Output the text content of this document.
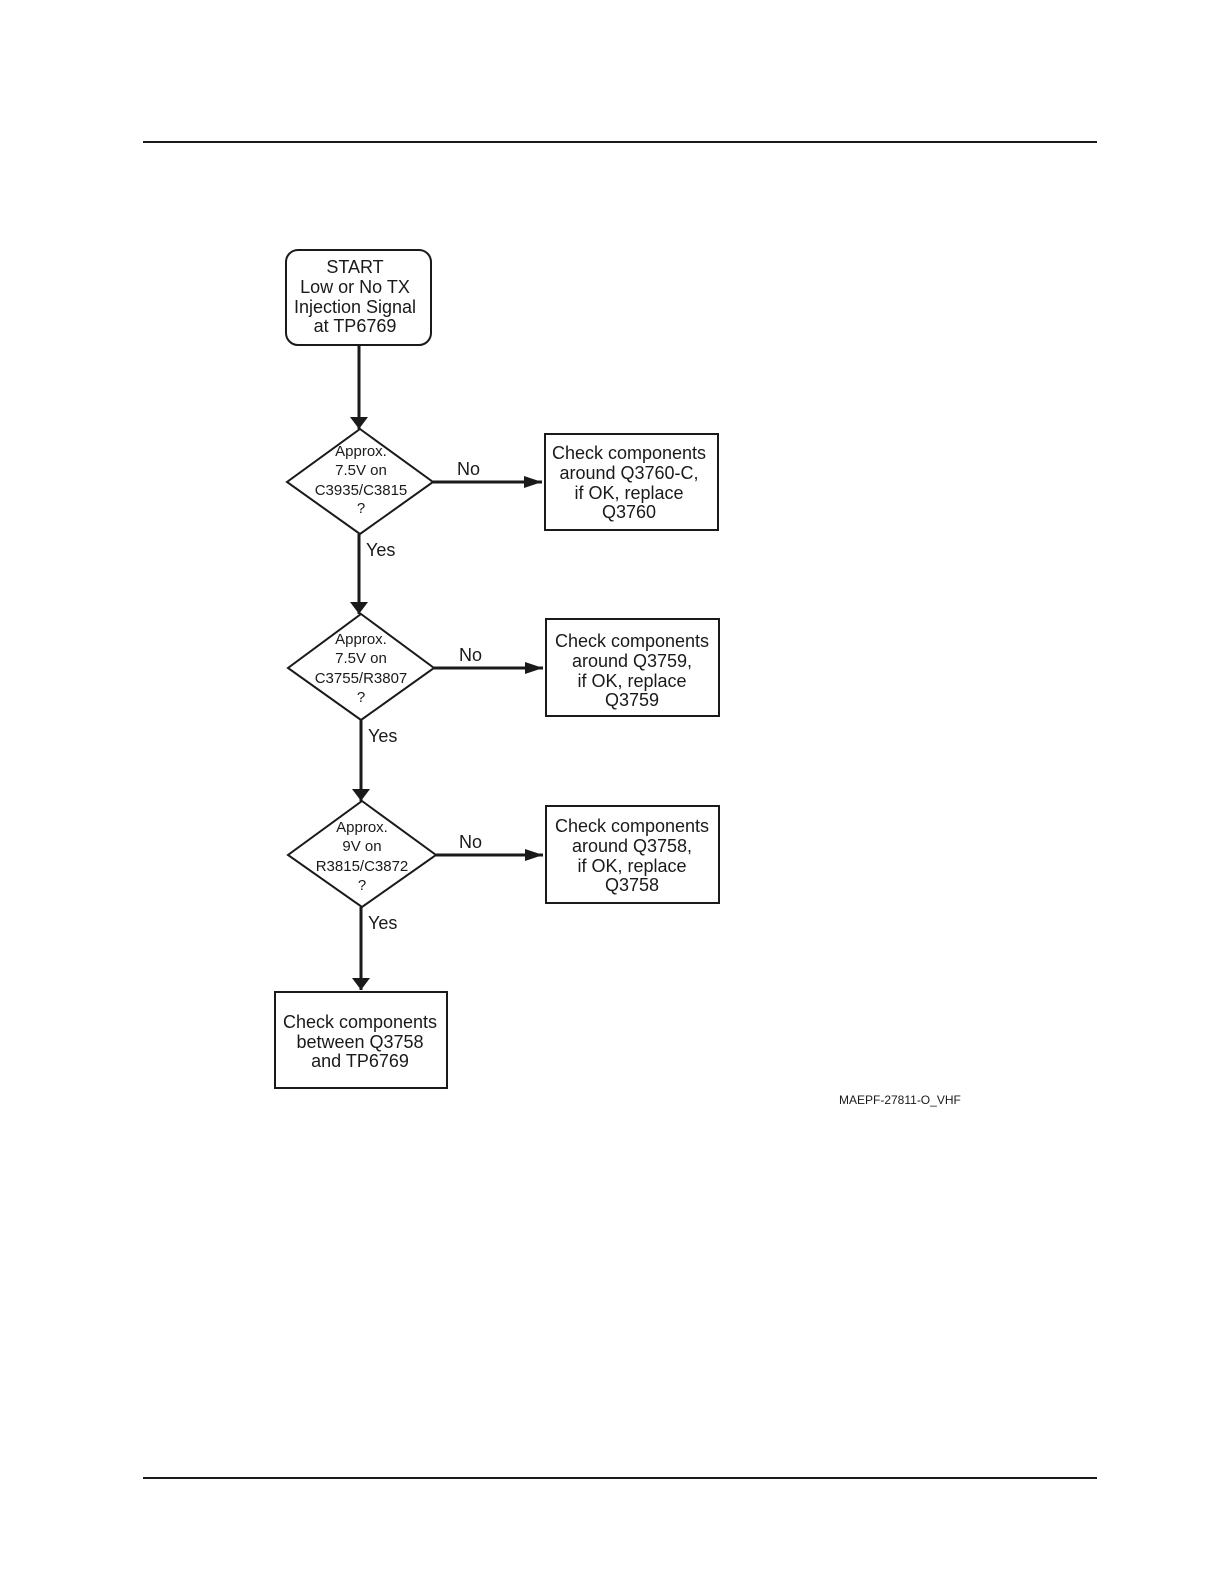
START
Low or No TX
Injection Signal
at TP6769
Approx.
7.5V on
C3935/C3815
?
No
Check components
around Q3760-C,
if OK, replace
Q3760
Yes
Approx.
7.5V on
C3755/R3807
?
No
Check components
around Q3759,
if OK, replace
Q3759
Yes
Approx.
9V on
R3815/C3872
?
No
Check components
around Q3758,
if OK, replace
Q3758
Yes
Check components
between Q3758
and TP6769
MAEPF-27811-O_VHF
